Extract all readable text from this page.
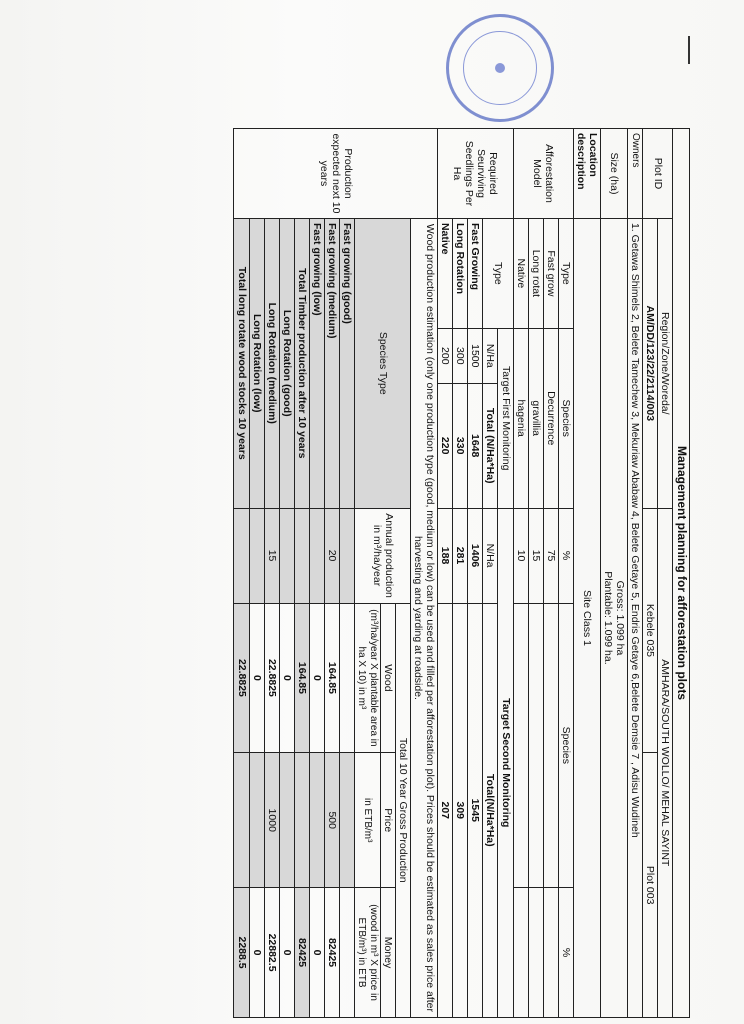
Management planning for afforestation plots							
Plot ID	Region/Zone/Woreda/			AMHARA/SOUTH WOLLO/ MEHAL SAYINT			
	AM/DD/123/22/2114/003			Kebele 035		Plot 003	
Owners	1. Getawa Shimels 2, Belete Tamechew 3, Mekuriaw Ababaw 4, Belete Getaye 5, Endris Getaye 6,Belete Demsie 7 , Adisu Wudineh						
Size (ha)	Gross: 1.099 ha
Plantable: 1.099 ha.						
Location description	Site Class 1						
Afforestation Model	Type	Species		%	Species		%
	Fast grow	Decurrence		75			
	Long rotat	gravillia		15			
	Native	hagenia		10			
Required Seurviving Seedlings Per Ha	Type	Target First Monitoring		Target Second Monitoring			
		N/Ha	Total (N/Ha*Ha)	N/Ha	Total(N/Ha*Ha)		
	Fast Growing	1500	1648	1406	1545		
	Long Rotation	300	330	281	309		
	Native	200	220	188	207		
Production expected next 10 years	Wood production estimation (only one production type (good, medium or low) can be used and filled per afforestation plot). Prices should be estimated as sales price after harvesting and yarding at roadside.						
	Species Type			Annual production in m³/ha/year	Total 10 Year Gross Production		
					Wood	Price	Money
					(m³/ha/year X plantable area in ha X 10) in m³	in ETB/m³	(wood in m³ X price in ETB/m³) in ETB
	Fast growing (good)						
	Fast growing (medium)			20	164.85	500	82425
	Fast growing (low)				0		0
	Total Timber production after 10 years				164.85		82425
	Long Rotation (good)				0		0
	Long Rotation (medium)			15	22.8825	1000	22882.5
	Long Rotation (low)				0		0
	Total long rotate wood stocks 10 years				22.8825		2288.5
